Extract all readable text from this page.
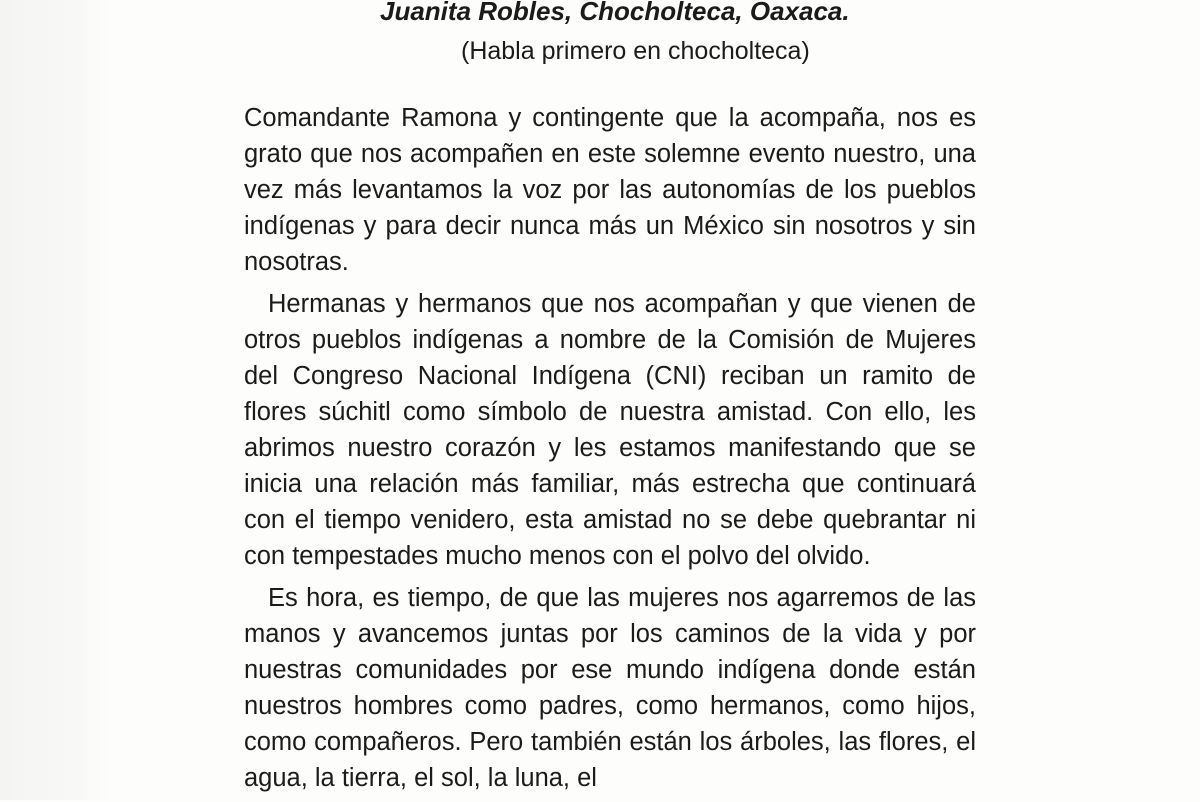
Juanita Robles, Chocholteca, Oaxaca.
(Habla primero en chocholteca)

Comandante Ramona y contingente que la acompaña, nos es grato que nos acompañen en este solemne evento nuestro, una vez más levantamos la voz por las autonomías de los pueblos indígenas y para decir nunca más un México sin nosotros y sin nosotras.

Hermanas y hermanos que nos acompañan y que vienen de otros pueblos indígenas a nombre de la Comisión de Mujeres del Congreso Nacional Indígena (CNI) reciban un ramito de flores súchitl como símbolo de nuestra amistad. Con ello, les abrimos nuestro corazón y les estamos manifestando que se inicia una relación más familiar, más estrecha que continuará con el tiempo venidero, esta amistad no se debe quebrantar ni con tempestades mucho menos con el polvo del olvido.

Es hora, es tiempo, de que las mujeres nos agarremos de las manos y avancemos juntas por los caminos de la vida y por nuestras comunidades por ese mundo indígena donde están nuestros hombres como padres, como hermanos, como hijos, como compañeros. Pero también están los árboles, las flores, el agua, la tierra, el sol, la luna, el
